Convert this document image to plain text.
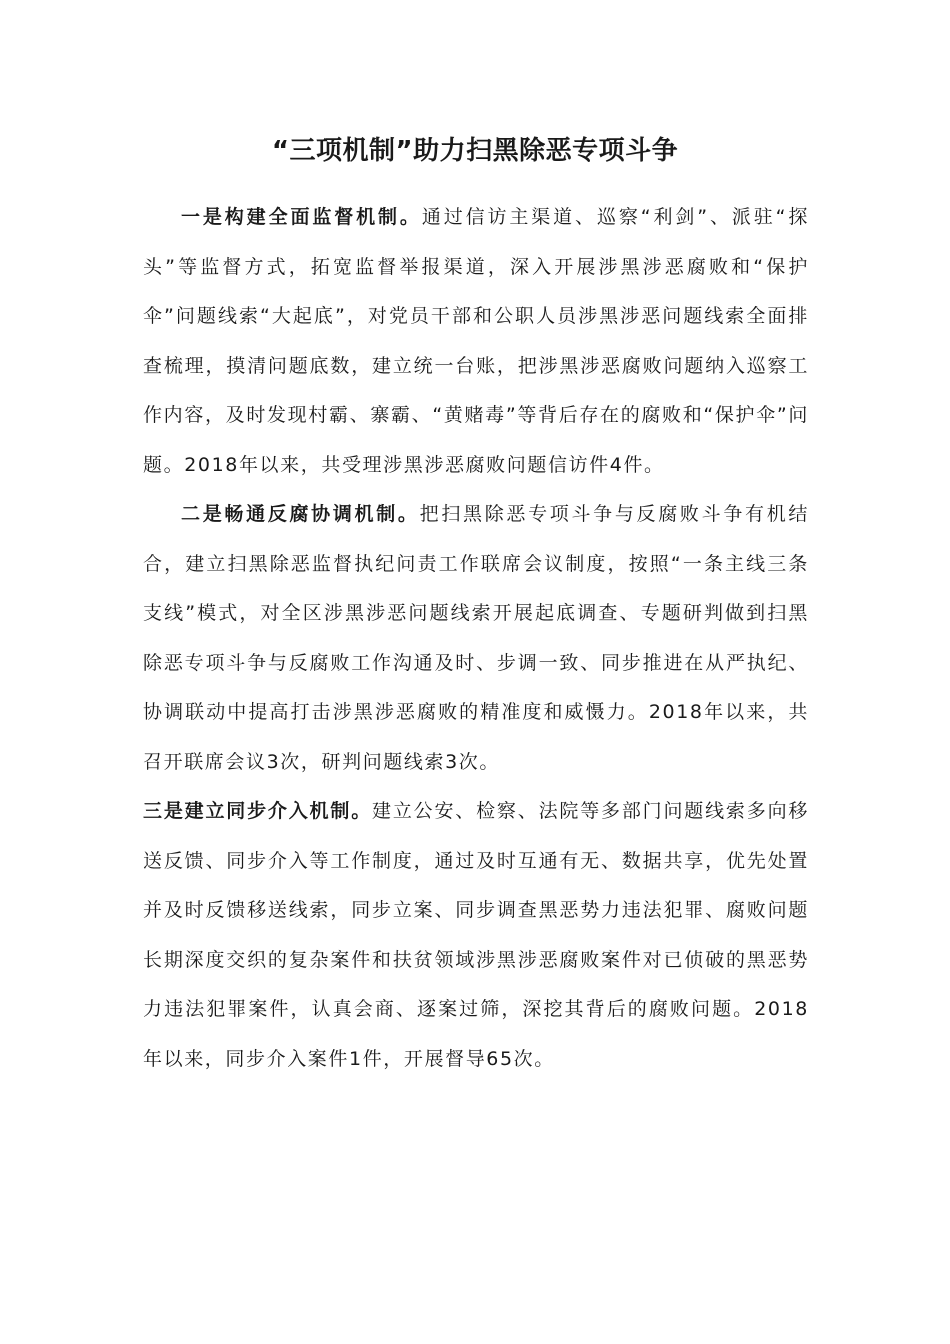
“三项机制”助力扫黑除恶专项斗争

一是构建全面监督机制。通过信访主渠道、巡察“利剑”、派驻“探头”等监督方式，拓宽监督举报渠道，深入开展涉黑涉恶腐败和“保护伞”问题线索“大起底”，对党员干部和公职人员涉黑涉恶问题线索全面排查梳理，摸清问题底数，建立统一台账，把涉黑涉恶腐败问题纳入巡察工作内容，及时发现村霸、寨霸、“黄赌毒”等背后存在的腐败和“保护伞”问题。2018年以来，共受理涉黑涉恶腐败问题信访件4件。

二是畅通反腐协调机制。把扫黑除恶专项斗争与反腐败斗争有机结合，建立扫黑除恶监督执纪问责工作联席会议制度，按照“一条主线三条支线”模式，对全区涉黑涉恶问题线索开展起底调查、专题研判做到扫黑除恶专项斗争与反腐败工作沟通及时、步调一致、同步推进在从严执纪、协调联动中提高打击涉黑涉恶腐败的精准度和威慑力。2018年以来，共召开联席会议3次，研判问题线索3次。

三是建立同步介入机制。建立公安、检察、法院等多部门问题线索多向移送反馈、同步介入等工作制度，通过及时互通有无、数据共享，优先处置并及时反馈移送线索，同步立案、同步调查黑恶势力违法犯罪、腐败问题长期深度交织的复杂案件和扶贫领域涉黑涉恶腐败案件对已侦破的黑恶势力违法犯罪案件，认真会商、逐案过筛，深挖其背后的腐败问题。2018年以来，同步介入案件1件，开展督导65次。
